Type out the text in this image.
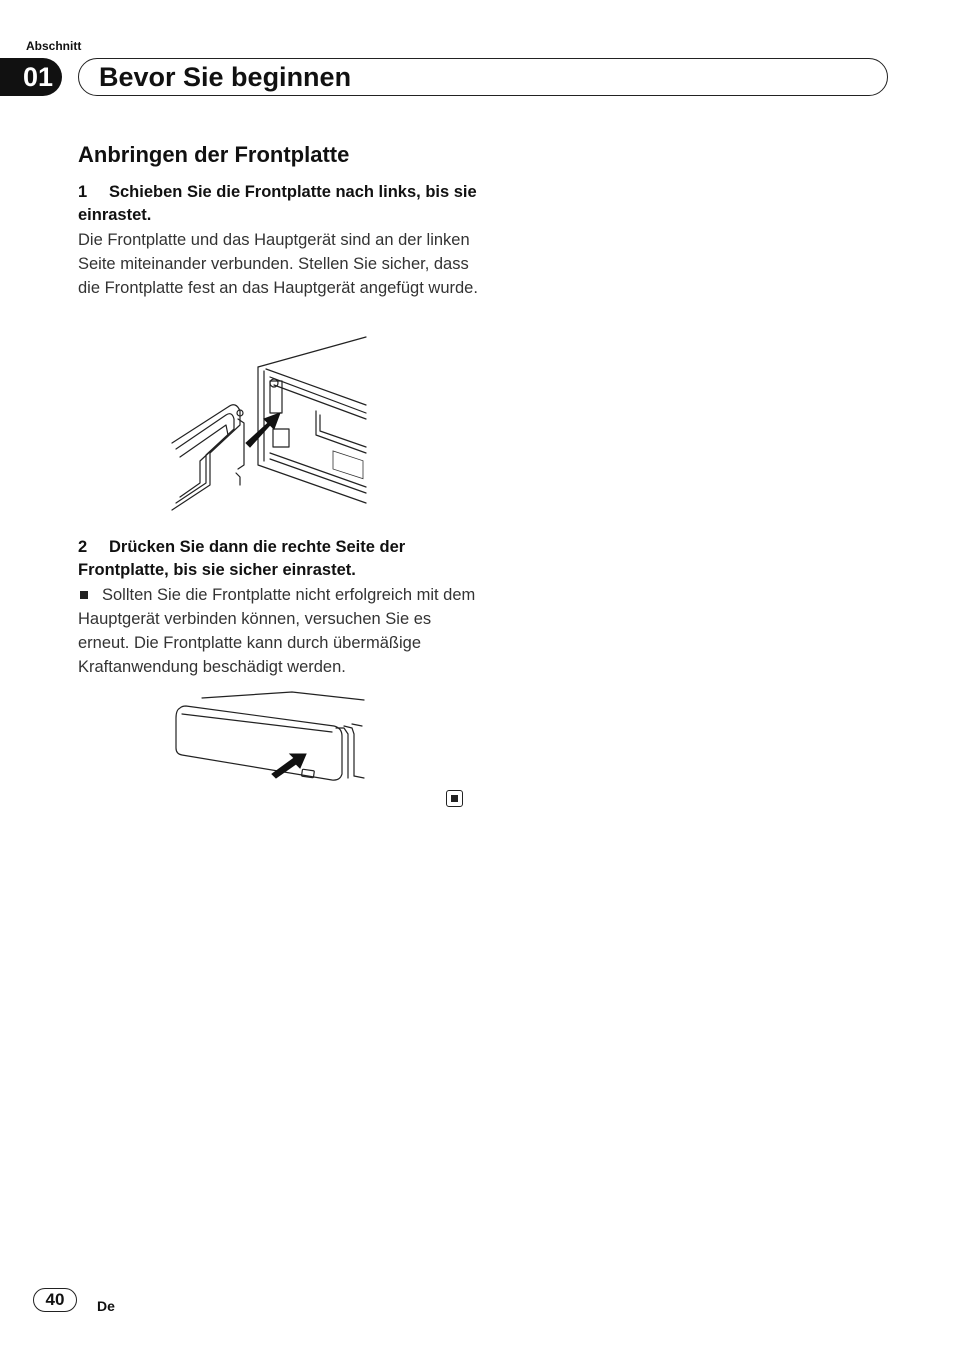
Abschnitt
01	Bevor Sie beginnen
Anbringen der Frontplatte
1 Schieben Sie die Frontplatte nach links, bis sie einrastet.
Die Frontplatte und das Hauptgerät sind an der linken Seite miteinander verbunden. Stellen Sie sicher, dass die Frontplatte fest an das Hauptgerät angefügt wurde.
2 Drücken Sie dann die rechte Seite der Frontplatte, bis sie sicher einrastet.
Sollten Sie die Frontplatte nicht erfolgreich mit dem Hauptgerät verbinden können, versuchen Sie es erneut. Die Frontplatte kann durch übermäßige Kraftanwendung beschädigt werden.
40	De
